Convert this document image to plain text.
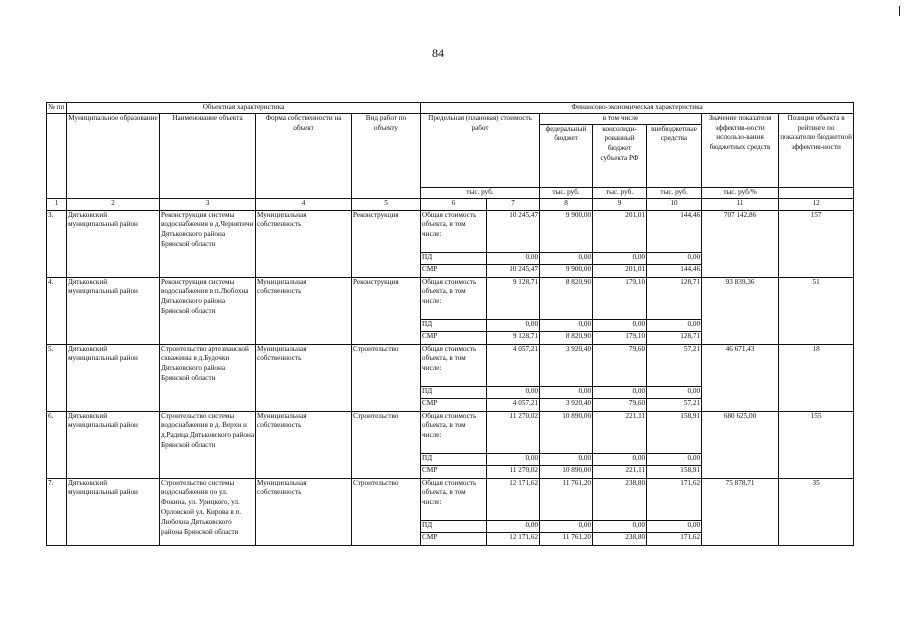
84
№ пп	Объектная характеристика				Финансово-экономическая характеристика						
	Муниципальное образование	Наименование объекта	Форма собственности на объект	Вид работ по объекту	Предельная (плановая) стоимость работ		в том числе			Значение показателя эффектив-ности использо-вания бюджетных средств	Позиция объекта в рейтинге по показателю бюджетной эффектив-ности
							федеральный бюджет	консолиди-рованный бюджет субъекта РФ	внебюджетные средства		
					тыс. руб.		тыс. руб.	тыс. руб.	тыс. руб.	тыс. руб/%	
1	2	3	4	5	6	7	8	9	10	11	12
3.	Дятьковский муниципальный район	Реконструкция системы водоснабжения в д.Чернятичи Дятьковского района Брянской области	Муниципальная собственность	Реконструкция	Общая стоимость объекта, в том числе:	10 245,47	9 900,00	201,01	144,46	707 142,86	157
					ПД	0,00	0,00	0,00	0,00		
					СМР	10 245,47	9 900,00	201,01	144,46		
4.	Дятьковский муниципальный район	Реконструкция системы водоснабжения в п.Любохна Дятьковского района Брянской области	Муниципальная собственность	Реконструкция	Общая стоимость объекта, в том числе:	9 128,71	8 820,90	179,10	128,71	93 839,36	51
					ПД	0,00	0,00	0,00	0,00		
					СМР	9 128,71	8 820,90	179,10	128,71		
5.	Дятьковский муниципальный район	Строительство артезианской скважины в д.Будочки Дятьковского района Брянской области	Муниципальная собственность	Строительство	Общая стоимость объекта, в том числе:	4 057,21	3 920,40	79,60	57,21	46 671,43	18
					ПД	0,00	0,00	0,00	0,00		
					СМР	4 057,21	3 920,40	79,60	57,21		
6.	Дятьковский муниципальный район	Строительство системы водоснабжения в д. Верхи и д.Радица Дятьковского района Брянской области	Муниципальная собственность	Строительство	Общая стоимость объекта, в том числе:	11 270,02	10 890,00	221,11	158,91	680 625,00	155
					ПД	0,00	0,00	0,00	0,00		
					СМР	11 270,02	10 890,00	221,11	158,91		
7.	Дятьковский муниципальный район	Строительство системы водоснабжения по ул. Фокина, ул. Урицкого, ул. Орловской ул. Кирова в п. Любохна Дятьковского района Брянской области	Муниципальная собственность	Строительство	Общая стоимость объекта, в том числе:	12 171,62	11 761,20	238,80	171,62	75 878,71	35
					ПД	0,00	0,00	0,00	0,00		
					СМР	12 171,62	11 761,20	238,80	171,62		
